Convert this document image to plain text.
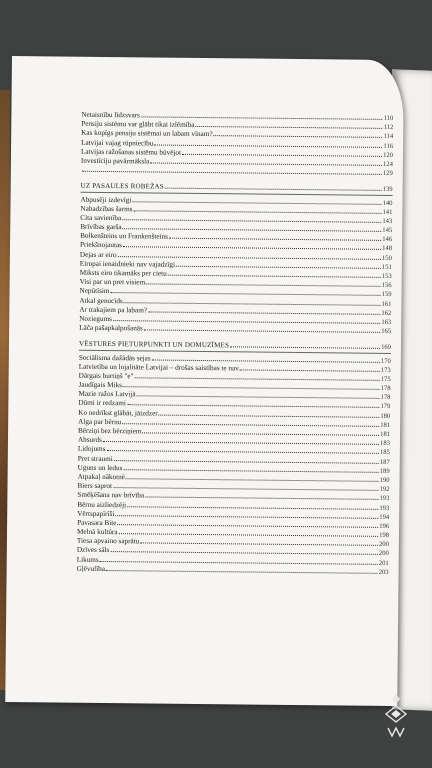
Netaisnību līdzsvars	110
Pensiju sistēmu var glābt tikai izlēmība	112
Kas kopīgs pensiju sistēmai un labam vīnam?	114
Latvijai vajag rūpniecību	116
Latvijas ražošanas sistēmu būvējot	120
Investīciju pavārmāksla	124
129
UZ PASAULES ROBEŽAS	139
Abpusēji izdevīgi	140
Nabadzības šarms	141
Cita savienība	143
Brīvības garša	145
Bolkenšteins un Frankenšteins	146
Priekšnojautas	148
Dejas ar eiro	150
Eiropai ienaidnieki nav vajadzīgi	151
Miksts eiro tikamāks per cietu	153
Visi par un pret visiem	156
Nepūtīsim	159
Atkal genocīds	161
Ar trakajiem pa labam?	162
Noziegums	163
Lāča pašapkalpošanās	165
VĒSTURES PIETURPUNKTI UN DOMUZĪMES	169
Sociālisma dažādās sejas	170
Latvietība un lojalitāte Latvijai – drošas saistības te nav	173
Dārgais burtiņš "e"	175
Jaudīgais Miks	178
Mazie ražos Latvijā	178
Dūmi ir redzami	179
Ko nedrīkst glābāt, jāizdzer	180
Alga par bērnu	181
Bērziņi bez bērziņiem	181
Absurds	183
Lidojums	185
Pret straumi	187
Uguns un ledus	189
Atpakaļ nākotnē	190
Biers saprot	192
Smēķēšana nav brīvība	193
Bērnu aizliedzēji	193
Vērtspapīrīši	194
Pavasara Bite	196
Melnā kultūra	198
Tiesa apvaino saprātu	200
Dzīves sāls	200
Likums	201
Gļēvulība	203
